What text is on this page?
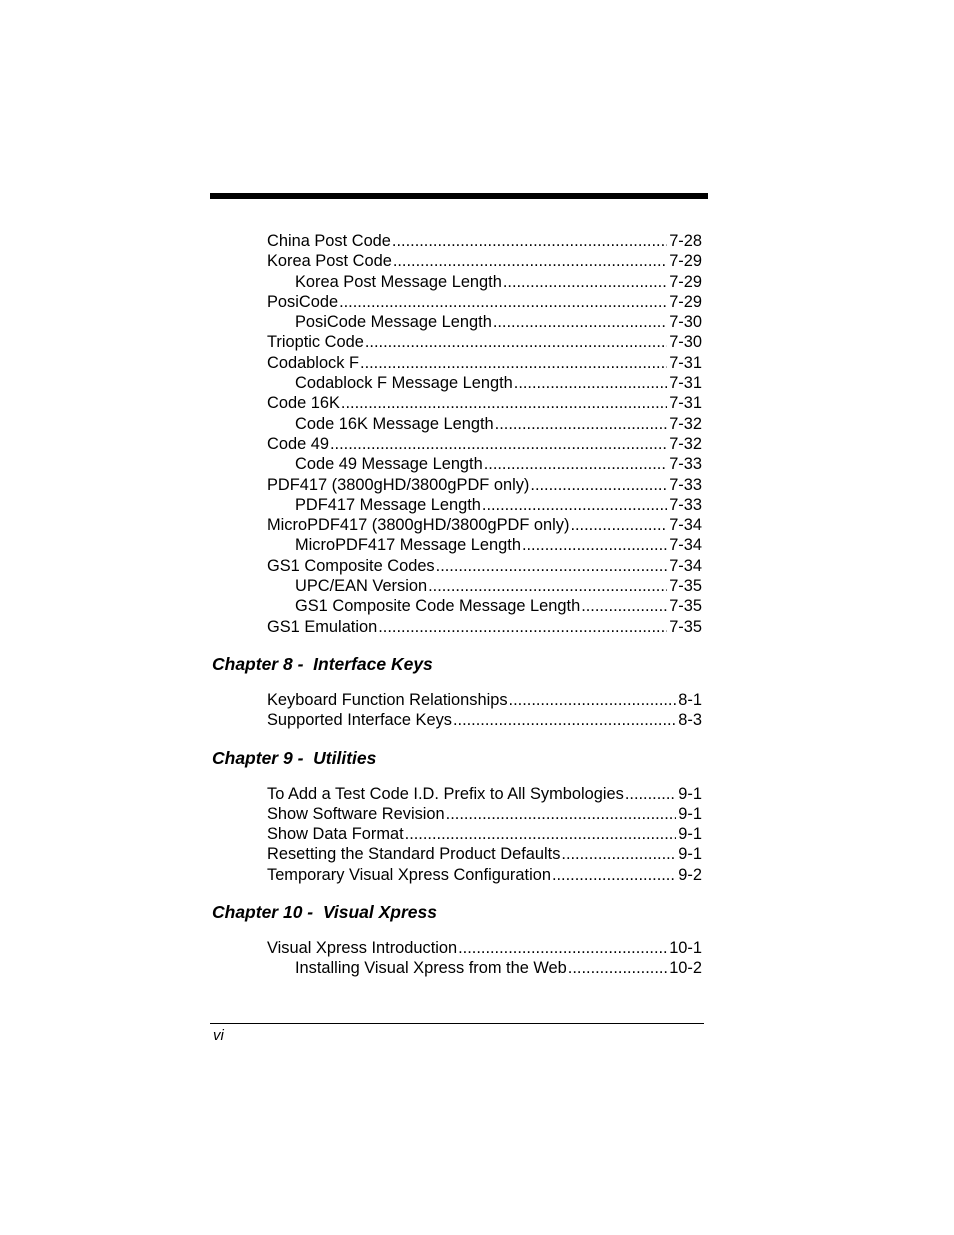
China Post Code .....	7-28
Korea Post Code .....	7-29
Korea Post Message Length .....	7-29
PosiCode .....	7-29
PosiCode Message Length .....	7-30
Trioptic Code .....	7-30
Codablock F .....	7-31
Codablock F Message Length .....	7-31
Code 16K .....	7-31
Code 16K Message Length .....	7-32
Code 49 .....	7-32
Code 49 Message Length .....	7-33
PDF417 (3800gHD/3800gPDF only) .....	7-33
PDF417 Message Length .....	7-33
MicroPDF417 (3800gHD/3800gPDF only) .....	7-34
MicroPDF417 Message Length .....	7-34
GS1 Composite Codes .....	7-34
UPC/EAN Version .....	7-35
GS1 Composite Code Message Length .....	7-35
GS1 Emulation .....	7-35
Chapter 8 - Interface Keys
Keyboard Function Relationships .....	8-1
Supported Interface Keys .....	8-3
Chapter 9 - Utilities
To Add a Test Code I.D. Prefix to All Symbologies .....	9-1
Show Software Revision .....	9-1
Show Data Format .....	9-1
Resetting the Standard Product Defaults .....	9-1
Temporary Visual Xpress Configuration .....	9-2
Chapter 10 - Visual Xpress
Visual Xpress Introduction .....	10-1
Installing Visual Xpress from the Web .....	10-2
vi
